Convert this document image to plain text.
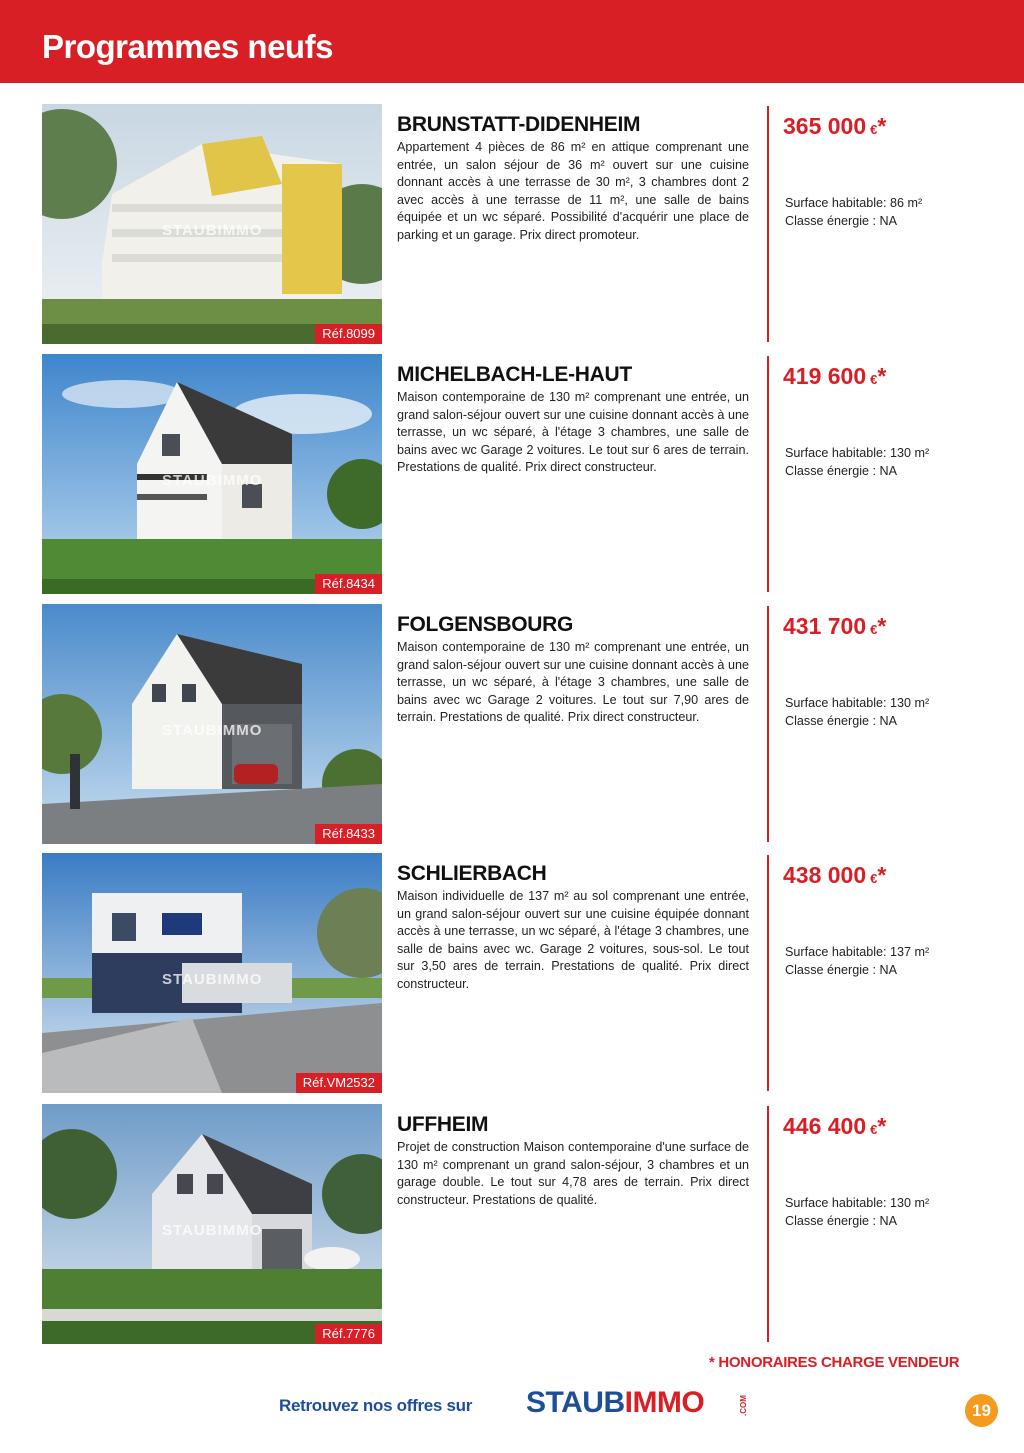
Programmes neufs
STAUBIMMO
Réf.8099
BRUNSTATT-DIDENHEIM
Appartement 4 pièces de 86 m² en attique comprenant une entrée, un salon séjour de 36 m² ouvert sur une cuisine donnant accès à une terrasse de 30 m², 3 chambres dont 2 avec accès à une terrasse de 11 m², une salle de bains équipée et un wc séparé. Possibilité d'acquérir une place de parking et un garage. Prix direct promoteur.
365 000 €*
Surface habitable: 86 m²
Classe énergie : NA
STAUBIMMO
Réf.8434
MICHELBACH-LE-HAUT
Maison contemporaine de 130 m² comprenant une entrée, un grand salon-séjour ouvert sur une cuisine donnant accès à une terrasse, un wc séparé, à l'étage 3 chambres, une salle de bains avec wc Garage 2 voitures. Le tout sur 6 ares de terrain. Prestations de qualité. Prix direct constructeur.
419 600 €*
Surface habitable: 130 m²
Classe énergie : NA
STAUBIMMO
Réf.8433
FOLGENSBOURG
Maison contemporaine de 130 m² comprenant une entrée, un grand salon-séjour ouvert sur une cuisine donnant accès à une terrasse, un wc séparé, à l'étage 3 chambres, une salle de bains avec wc Garage 2 voitures. Le tout sur 7,90 ares de terrain. Prestations de qualité. Prix direct constructeur.
431 700 €*
Surface habitable: 130 m²
Classe énergie : NA
STAUBIMMO
Réf.VM2532
SCHLIERBACH
Maison individuelle de 137 m² au sol comprenant une entrée, un grand salon-séjour ouvert sur une cuisine équipée donnant accès à une terrasse, un wc séparé, à l'étage 3 chambres, une salle de bains avec wc. Garage 2 voitures, sous-sol. Le tout sur 3,50 ares de terrain. Prestations de qualité. Prix direct constructeur.
438 000 €*
Surface habitable: 137 m²
Classe énergie : NA
STAUBIMMO
Réf.7776
UFFHEIM
Projet de construction Maison contemporaine d'une surface de 130 m² comprenant un grand salon-séjour, 3 chambres et un garage double. Le tout sur 4,78 ares de terrain. Prix direct constructeur. Prestations de qualité.
446 400 €*
Surface habitable: 130 m²
Classe énergie : NA
* HONORAIRES CHARGE VENDEUR
Retrouvez nos offres sur STAUBIMMO	.COM	19
